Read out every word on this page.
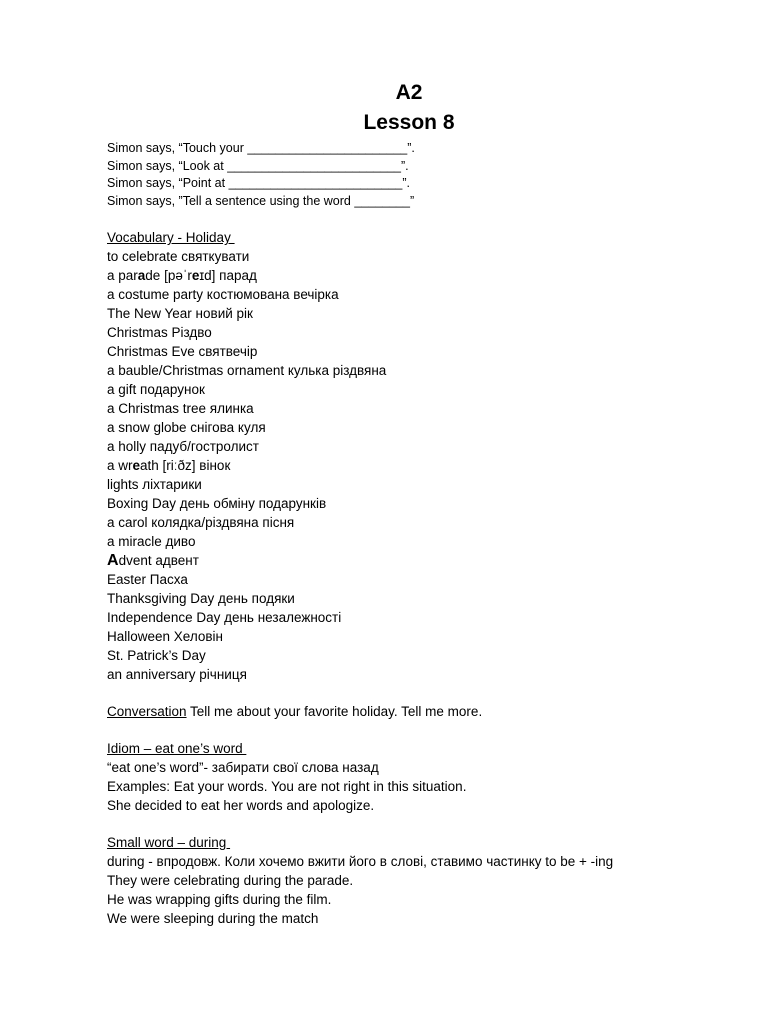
A2
Lesson 8
Simon says, “Touch your _______________________”.
Simon says, “Look at _________________________”.
Simon says, “Point at _________________________”.
Simon says, ”Tell a sentence using the word ________”
Vocabulary - Holiday
to celebrate святкувати
a parade [pəˈreɪd] парад
a costume party костюмована вечірка
The New Year новий рік
Christmas Різдво
Christmas Eve святвечір
a bauble/Christmas ornament кулька різдвяна
a gift подарунок
a Christmas tree ялинка
a snow globe снігова куля
a holly падуб/гостролист
a wreath [riːðz] вінок
lights ліхтарики
Boxing Day день обміну подарунків
a carol колядка/різдвяна пісня
a miracle диво
Advent адвент
Easter Пасха
Thanksgiving Day день подяки
Independence Day день незалежності
Halloween Хеловін
St. Patrick’s Day
an anniversary річниця
Conversation Tell me about your favorite holiday. Tell me more.
Idiom – eat one’s word
“eat one’s word”- забирати свої слова назад
Examples: Eat your words. You are not right in this situation.
She decided to eat her words and apologize.
Small word – during
during - впродовж. Коли хочемо вжити його в слові, ставимо частинку to be + -ing
They were celebrating during the parade.
He was wrapping gifts during the film.
We were sleeping during the match
